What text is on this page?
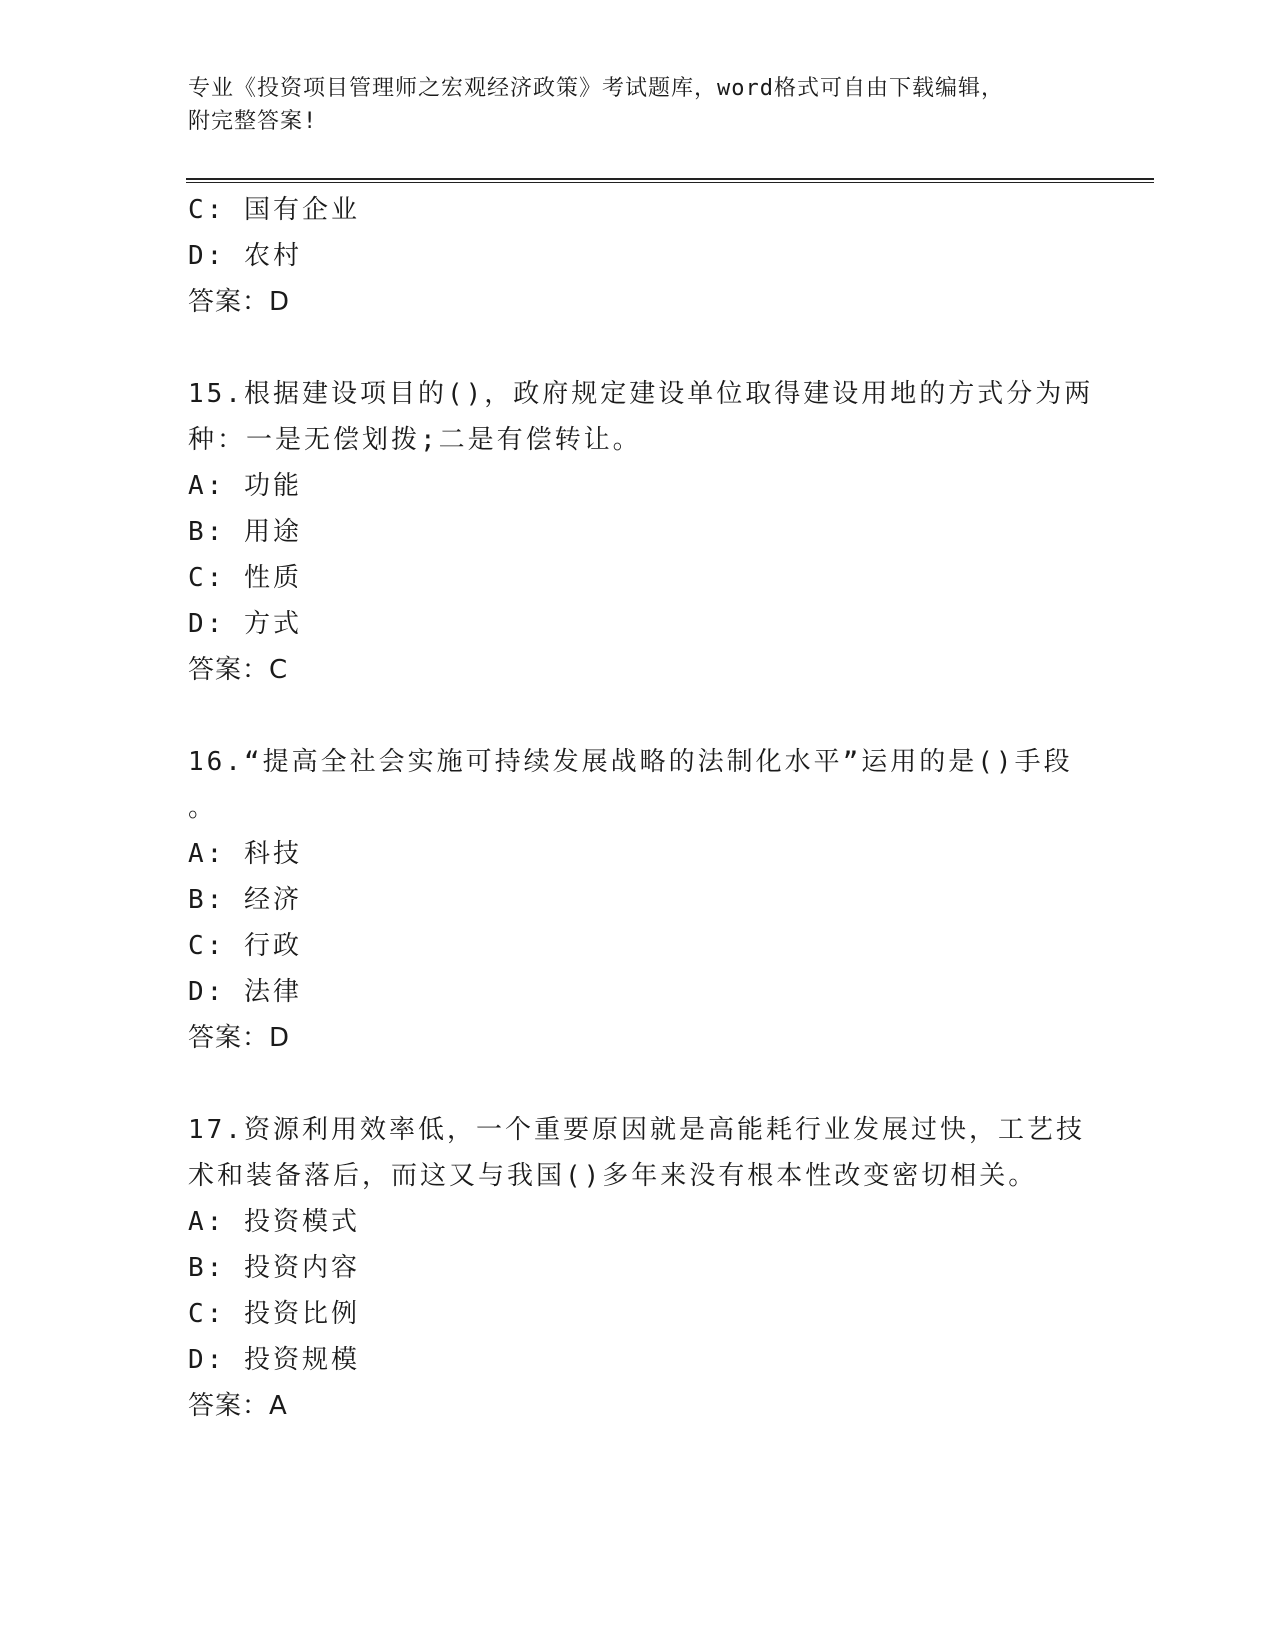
专业《投资项目管理师之宏观经济政策》考试题库，word格式可自由下载编辑，
附完整答案!
C: 国有企业
D: 农村
答案：D
15.根据建设项目的()，政府规定建设单位取得建设用地的方式分为两
种：一是无偿划拨;二是有偿转让。
A: 功能
B: 用途
C: 性质
D: 方式
答案：C
16.“提高全社会实施可持续发展战略的法制化水平”运用的是()手段
。
A: 科技
B: 经济
C: 行政
D: 法律
答案：D
17.资源利用效率低，一个重要原因就是高能耗行业发展过快，工艺技
术和装备落后，而这又与我国()多年来没有根本性改变密切相关。
A: 投资模式
B: 投资内容
C: 投资比例
D: 投资规模
答案：A
